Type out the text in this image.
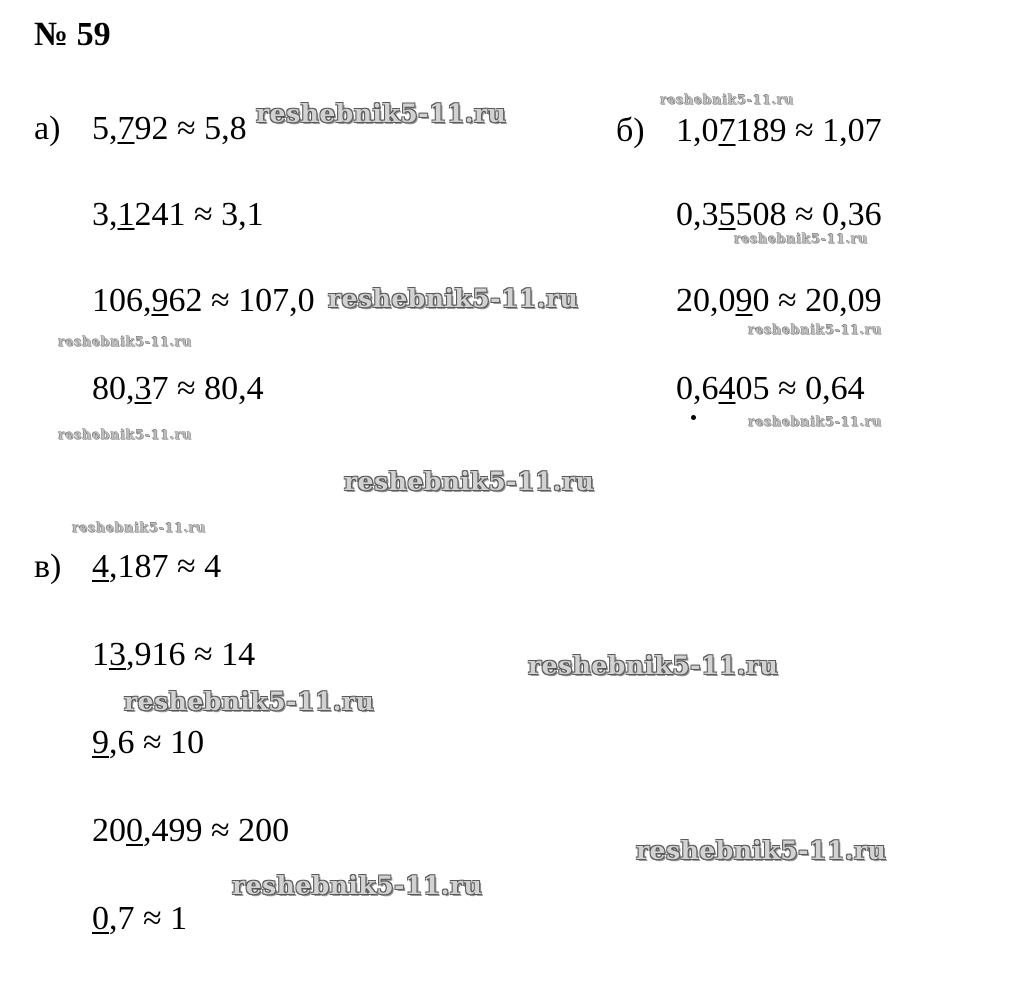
№ 59
а) 5,792 ≈ 5,8
3,1241 ≈ 3,1
106,962 ≈ 107,0
80,37 ≈ 80,4
б) 1,07189 ≈ 1,07
0,35508 ≈ 0,36
20,090 ≈ 20,09
0,6405 ≈ 0,64
в) 4,187 ≈ 4
13,916 ≈ 14
9,6 ≈ 10
200,499 ≈ 200
0,7 ≈ 1
reshebnik5-11.ru	reshebnik5-11.ru
reshebnik5-11.ru
reshebnik5-11.ru
reshebnik5-11.ru
reshebnik5-11.ru
reshebnik5-11.ru
reshebnik5-11.ru
reshebnik5-11.ru
reshebnik5-11.ru
reshebnik5-11.ru
reshebnik5-11.ru
reshebnik5-11.ru
reshebnik5-11.ru
